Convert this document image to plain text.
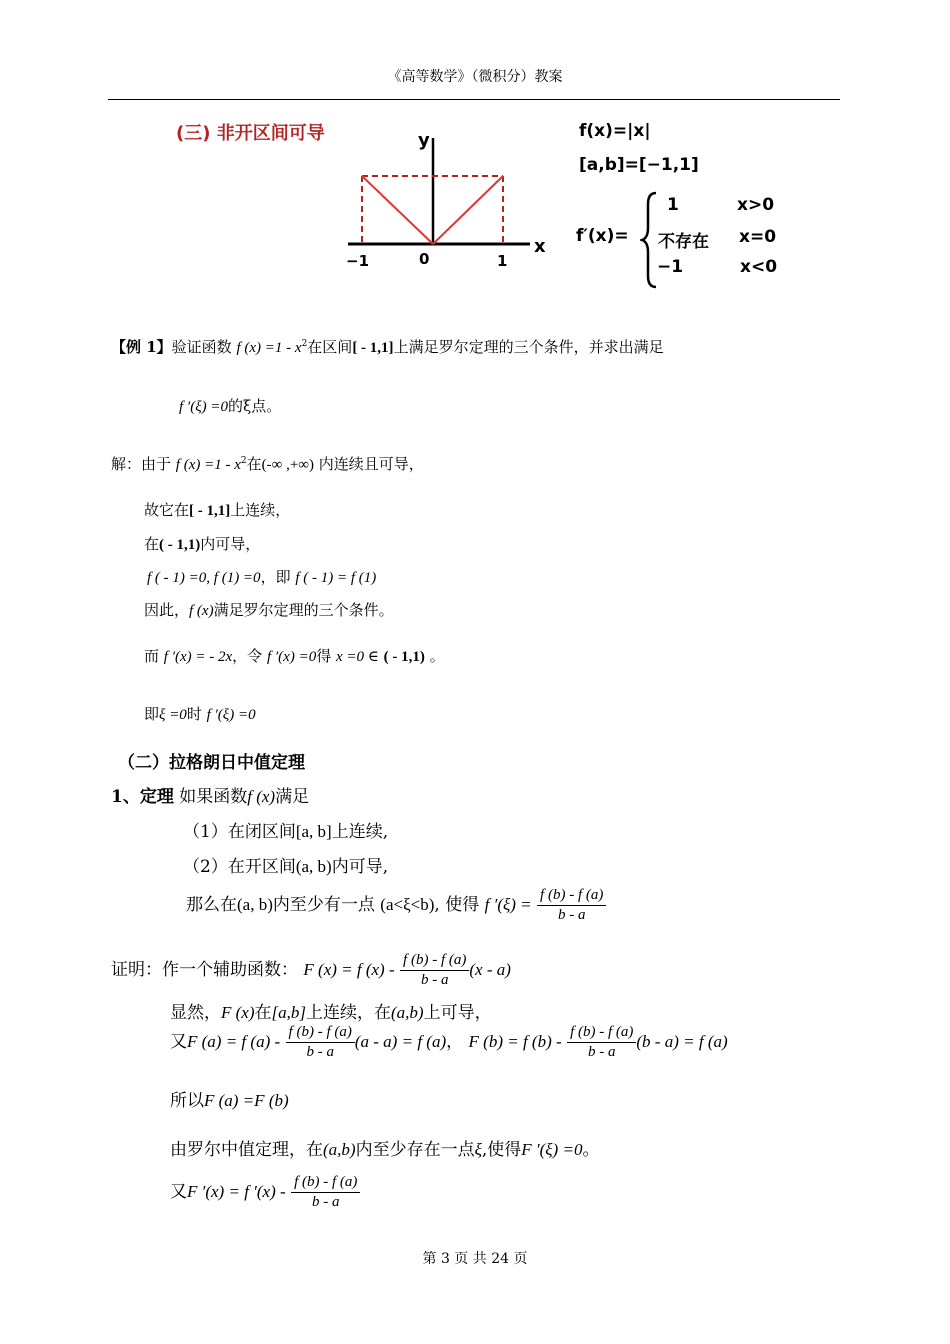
《高等数学》（微积分）教案
(三) 非开区间可导	y
x
−1	0	1
f(x)=|x|
[a,b]=[−1,1]
f′(x)=
1	x>0
不存在 x=0
−1	x<0
【例 1】验证函数 f $(x) =1 - x^2$在区间[ - 1,1]上满足罗尔定理的三个条件，并求出满足
f ′(ξ) =0的ξ点。
解：由于 f $(x) =1 - x^2$在(-∞ ,+∞) 内连续且可导，
故它在[ - 1,1]上连续，
在( - 1,1)内可导，
f ( - 1) =0, f (1) =0，即 f ( - 1) = f (1)
因此，f (x)满足罗尔定理的三个条件。
而 f ′(x) = - 2x，令 f ′(x) =0得 x =0 ∈ ( - 1,1) 。
即ξ =0时 f ′(ξ) =0
（二）拉格朗日中值定理
1、定理 如果函数f (x)满足
（1）在闭区间[a, b]上连续,
（2）在开区间(a, b)内可导,
那么在(a, b)内至少有一点 (a<ξ<b), 使得 f $'(\xi) = \frac{f (b) - f (a)}{b - a}$
证明：作一个辅助函数： F (x) = f $(x) - \frac{f (b) - f (a)}{b - a} (x - a)$
显然，F (x)在[a,b]上连续，在(a,b)上可导，
又F (a) = f $(a) - \frac{f (b) - f (a)}{b - a} (a - a) = f$ (a)， F (b) = f $(b) - \frac{f (b) - f (a)}{b - a} (b - a) = f$ (a)
所以F (a) =F (b)
由罗尔中值定理，在(a,b)内至少存在一点ξ,使得F ′(ξ) =0。
又F ′(x) = f $'(x) - \frac{f (b) - f (a)}{b - a}$
第 3 页 共 24 页
